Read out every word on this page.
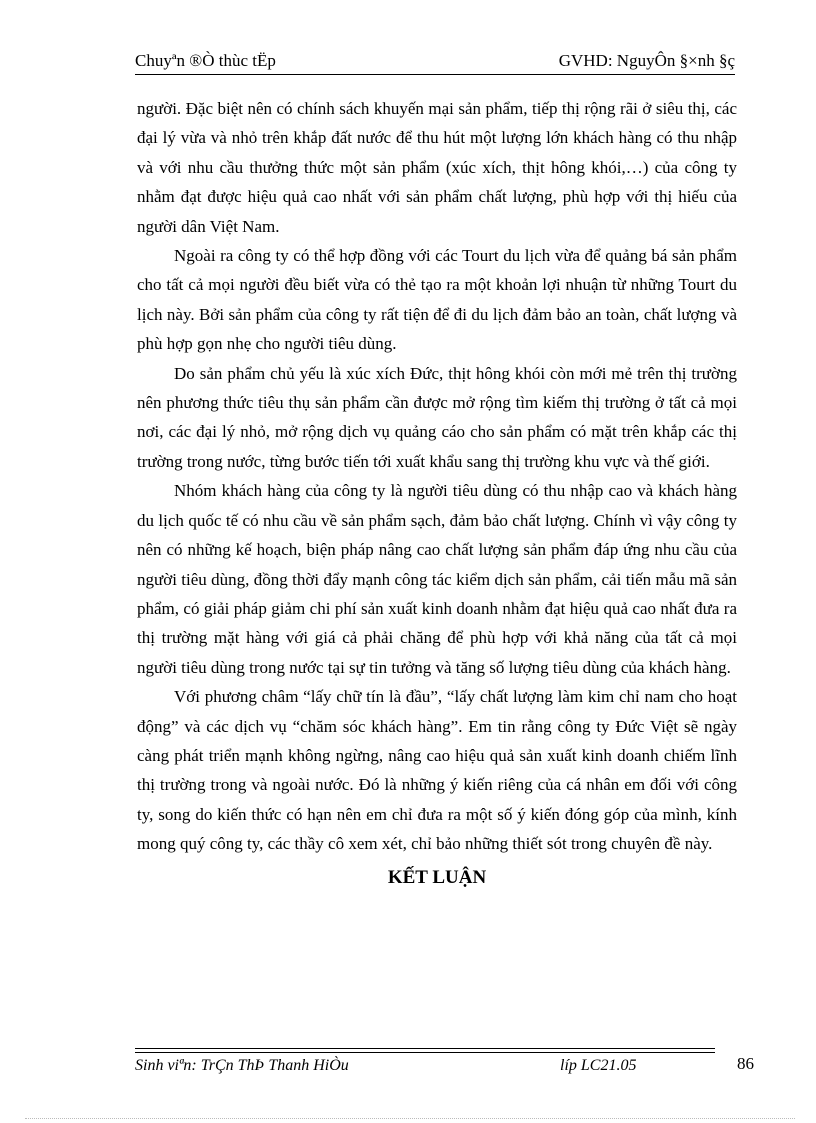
Chuyªn ®Ò thùc tËp	GVHD: NguyÔn §×nh §ç

người. Đặc biệt nên có chính sách khuyến mại sản phẩm, tiếp thị rộng rãi ở siêu thị, các đại lý vừa và nhỏ trên khắp đất nước để thu hút một lượng lớn khách hàng có thu nhập và với nhu cầu thưởng thức một sản phẩm (xúc xích, thịt hông khói,…) của công ty nhằm đạt được hiệu quả cao nhất với sản phẩm chất lượng, phù hợp với thị hiếu của người dân Việt Nam.

Ngoài ra công ty có thể hợp đồng với các Tourt du lịch vừa để quảng bá sản phẩm cho tất cả mọi người đều biết vừa có thẻ tạo ra một khoản lợi nhuận từ những Tourt du lịch này. Bởi sản phẩm của công ty rất tiện để đi du lịch đảm bảo an toàn, chất lượng và phù hợp gọn nhẹ cho người tiêu dùng.

Do sản phẩm chủ yếu là xúc xích Đức, thịt hông khói còn mới mẻ trên thị trường nên phương thức tiêu thụ sản phẩm cần được mở rộng tìm kiếm thị trường ở tất cả mọi nơi, các đại lý nhỏ, mở rộng dịch vụ quảng cáo cho sản phẩm có mặt trên khắp các thị trường trong nước, từng bước tiến tới xuất khẩu sang thị trường khu vực và thế giới.

Nhóm khách hàng của công ty là người tiêu dùng có thu nhập cao và khách hàng du lịch quốc tế có nhu cầu về sản phẩm sạch, đảm bảo chất lượng. Chính vì vậy công ty nên có những kế hoạch, biện pháp nâng cao chất lượng sản phẩm đáp ứng nhu cầu của người tiêu dùng, đồng thời đẩy mạnh công tác kiểm dịch sản phẩm, cải tiến mẫu mã sản phẩm, có giải pháp giảm chi phí sản xuất kinh doanh nhằm đạt hiệu quả cao nhất đưa ra thị trường mặt hàng với giá cả phải chăng để phù hợp với khả năng của tất cả mọi người tiêu dùng trong nước tại sự tin tưởng và tăng số lượng tiêu dùng của khách hàng.

Với phương châm “lấy chữ tín là đầu”, “lấy chất lượng làm kim chỉ nam cho hoạt động” và các dịch vụ “chăm sóc khách hàng”. Em tin rằng công ty Đức Việt sẽ ngày càng phát triển mạnh không ngừng, nâng cao hiệu quả sản xuất kinh doanh chiếm lĩnh thị trường trong và ngoài nước. Đó là những ý kiến riêng của cá nhân em đối với công ty, song do kiến thức có hạn nên em chỉ đưa ra một số ý kiến đóng góp của mình, kính mong quý công ty, các thầy cô xem xét, chỉ bảo những thiết sót trong chuyên đề này.

KẾT LUẬN
Sinh viªn: TrÇn ThÞ Thanh HiÒu	líp LC21.05	86
